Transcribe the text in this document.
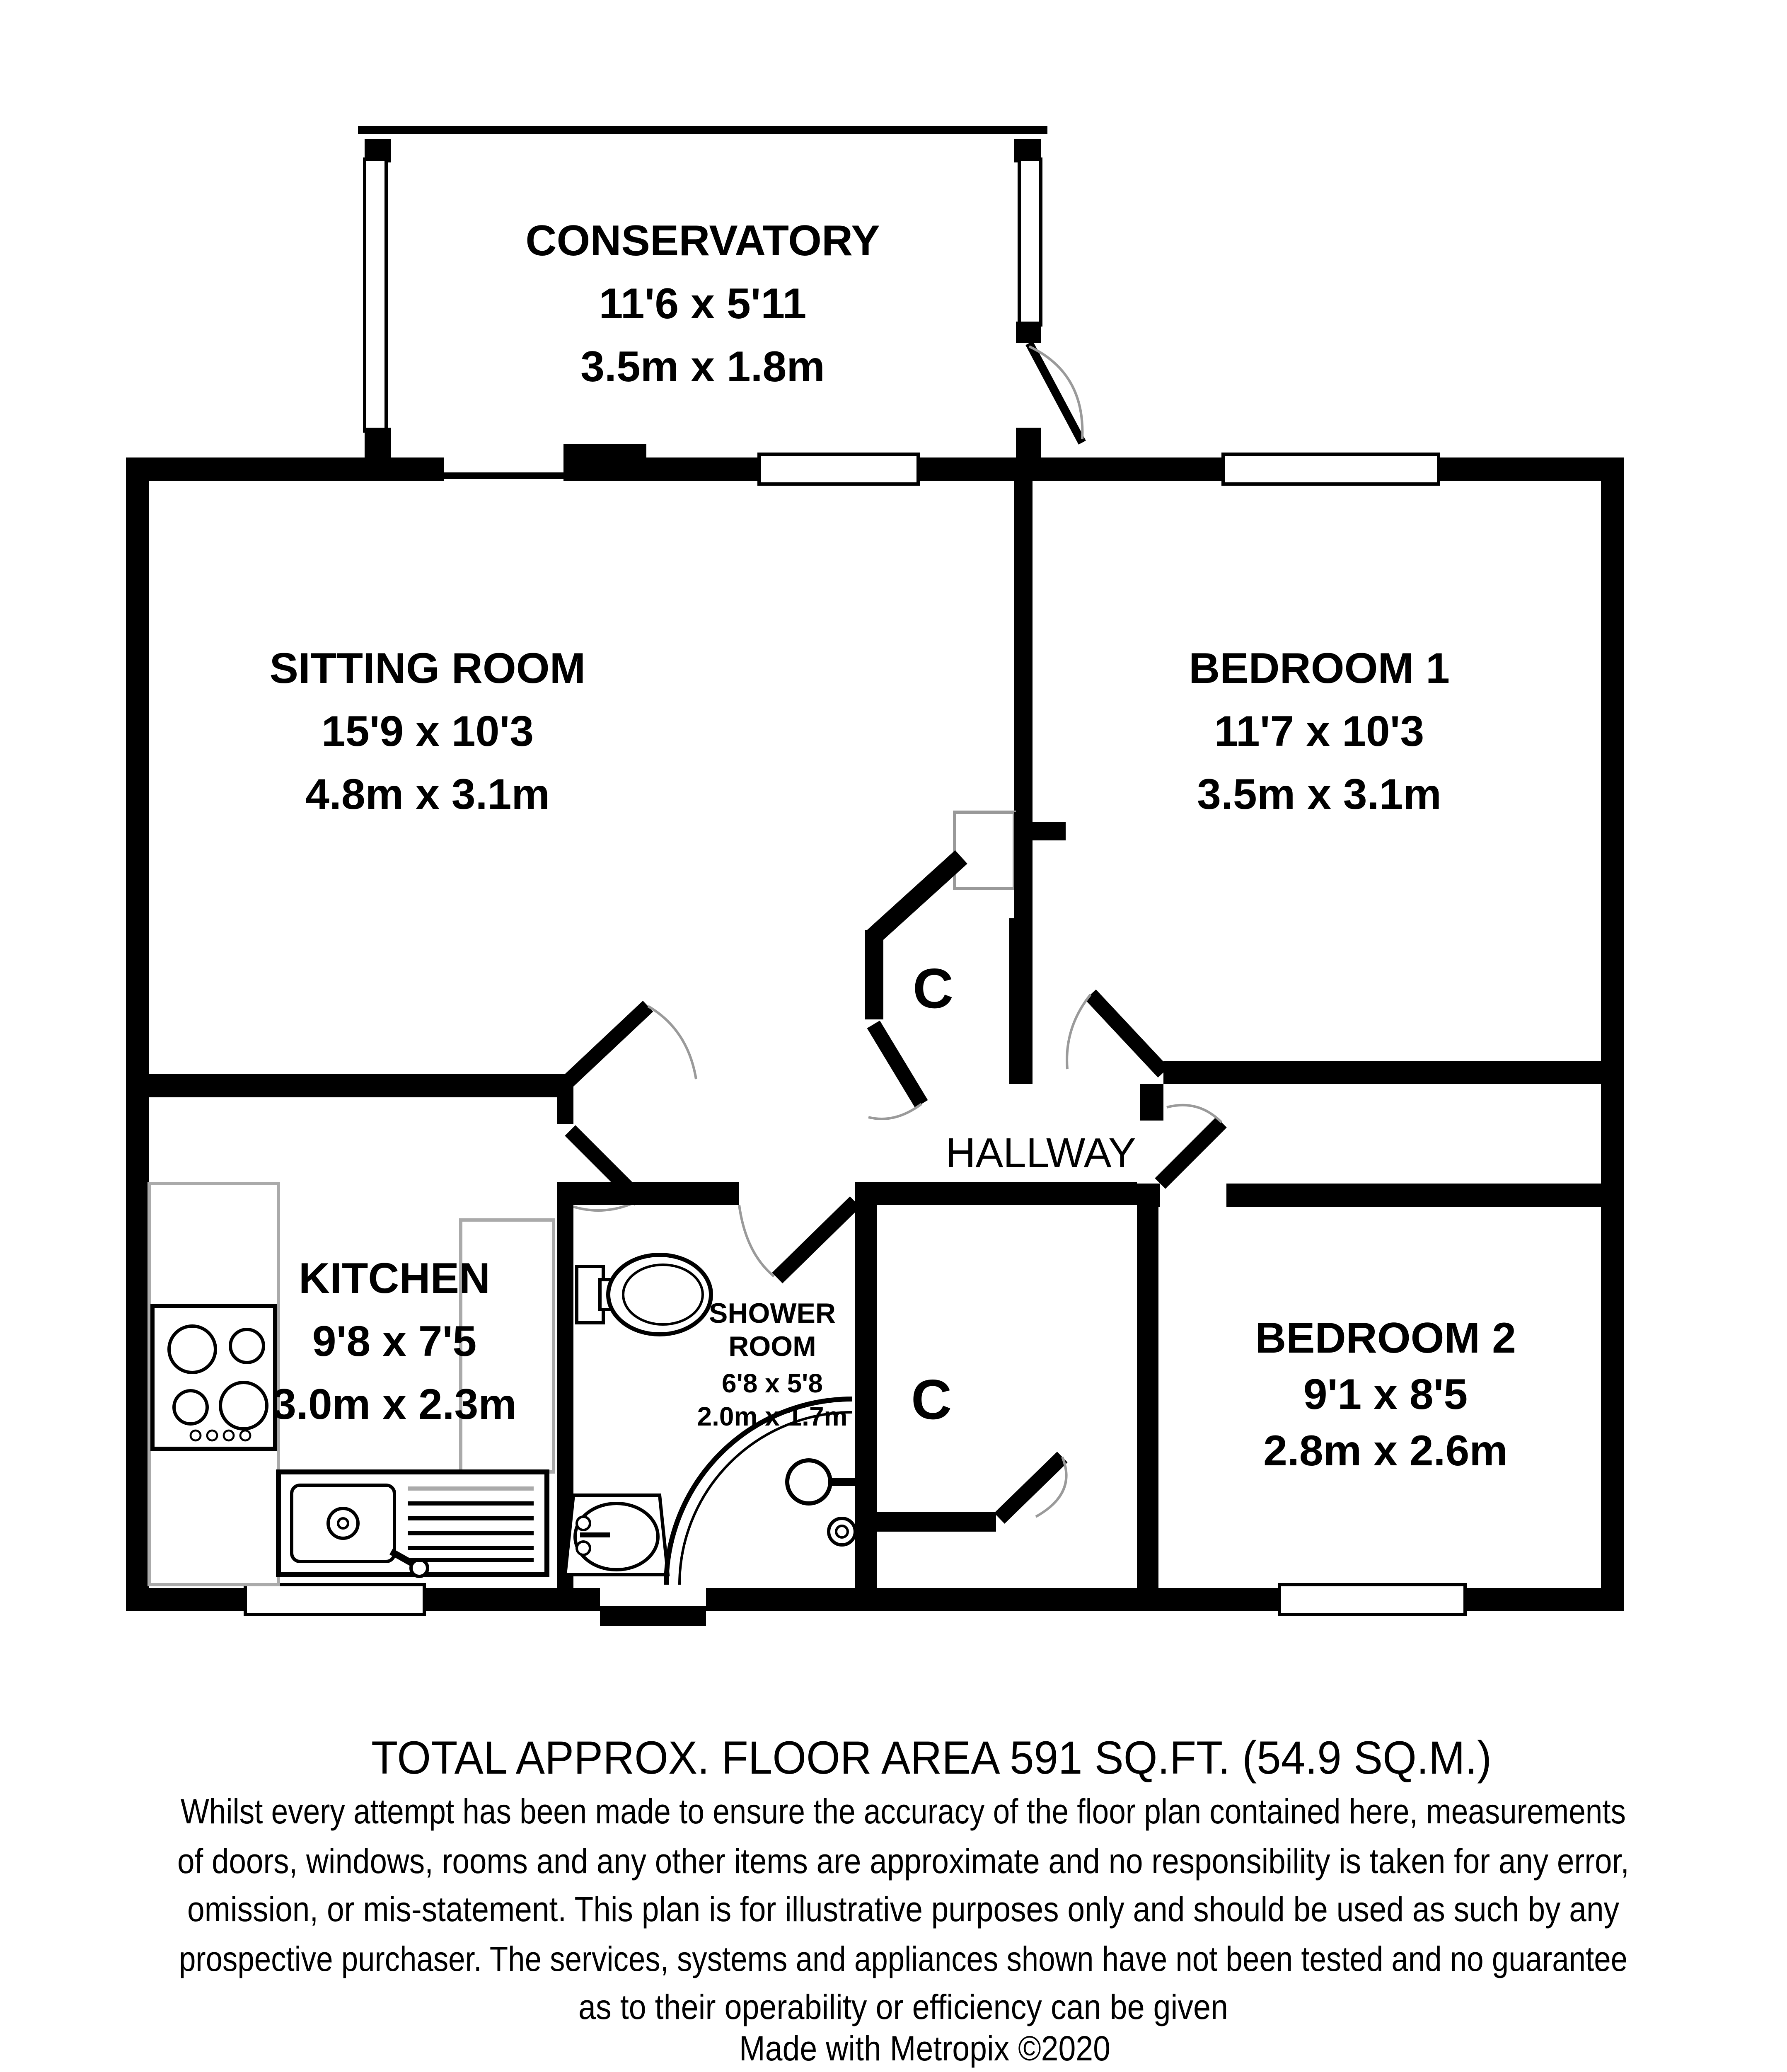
CONSERVATORY
11'6 x 5'11
3.5m x 1.8m
SITTING ROOM
15'9 x 10'3
4.8m x 3.1m
BEDROOM 1
11'7 x 10'3
3.5m x 3.1m
KITCHEN
9'8 x 7'5
3.0m x 2.3m
SHOWER
ROOM
6'8 x 5'8
2.0m x 1.7m
BEDROOM 2
9'1 x 8'5
2.8m x 2.6m
HALLWAY
C
C
TOTAL APPROX. FLOOR AREA 591 SQ.FT. (54.9 SQ.M.)
Whilst every attempt has been made to ensure the accuracy of the floor plan contained here, measurements
of doors, windows, rooms and any other items are approximate and no responsibility is taken for any error,
omission, or mis-statement. This plan is for illustrative purposes only and should be used as such by any
prospective purchaser. The services, systems and appliances shown have not been tested and no guarantee
as to their operability or efficiency can be given
Made with Metropix ©2020
